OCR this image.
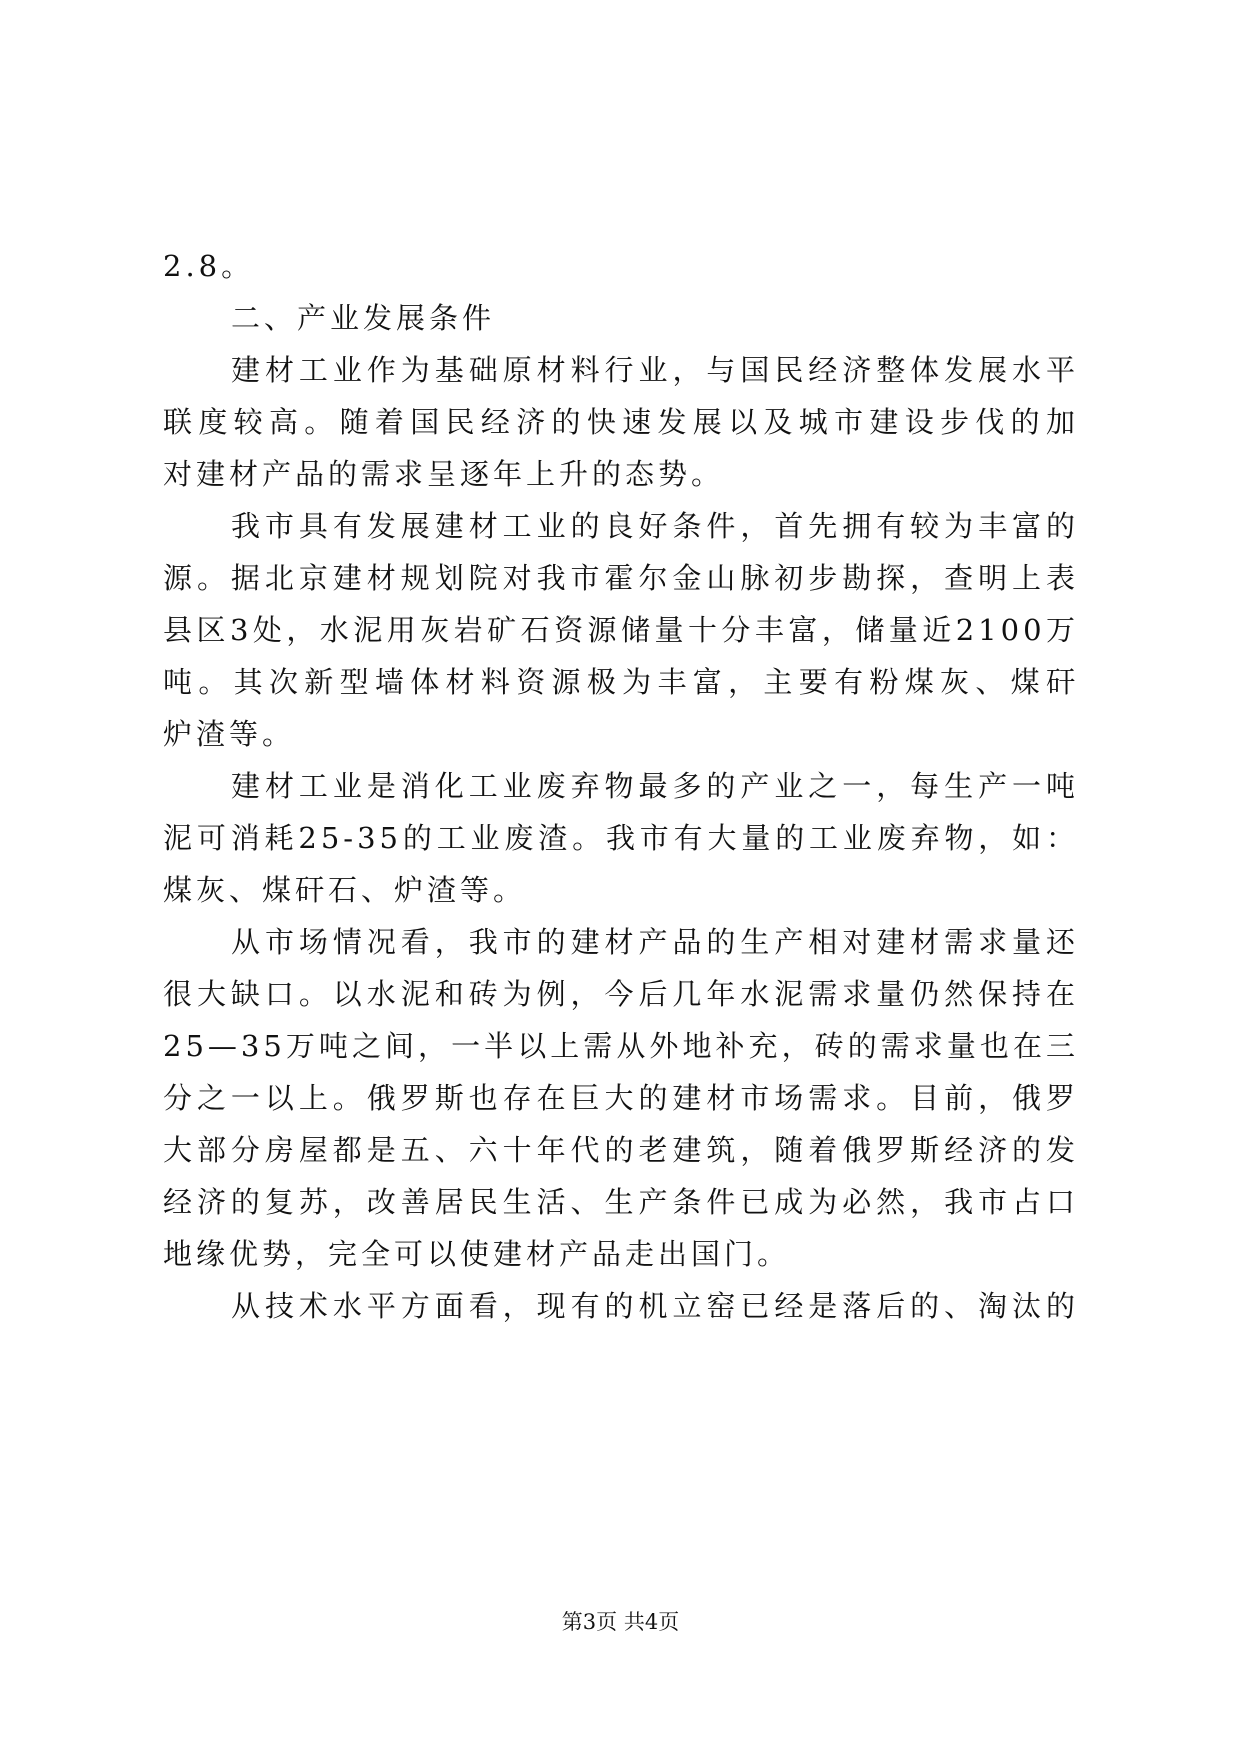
2.8。
二、产业发展条件
建材工业作为基础原材料行业，与国民经济整体发展水平
联度较高。随着国民经济的快速发展以及城市建设步伐的加
对建材产品的需求呈逐年上升的态势。
我市具有发展建材工业的良好条件，首先拥有较为丰富的
源。据北京建材规划院对我市霍尔金山脉初步勘探，查明上表
县区3处，水泥用灰岩矿石资源储量十分丰富，储量近2100万
吨。其次新型墙体材料资源极为丰富，主要有粉煤灰、煤矸
炉渣等。
建材工业是消化工业废弃物最多的产业之一，每生产一吨
泥可消耗25-35的工业废渣。我市有大量的工业废弃物，如：
煤灰、煤矸石、炉渣等。
从市场情况看，我市的建材产品的生产相对建材需求量还
很大缺口。以水泥和砖为例，今后几年水泥需求量仍然保持在
25—35万吨之间，一半以上需从外地补充，砖的需求量也在三
分之一以上。俄罗斯也存在巨大的建材市场需求。目前，俄罗
大部分房屋都是五、六十年代的老建筑，随着俄罗斯经济的发
经济的复苏，改善居民生活、生产条件已成为必然，我市占口
地缘优势，完全可以使建材产品走出国门。
从技术水平方面看，现有的机立窑已经是落后的、淘汰的
第3页 共4页
